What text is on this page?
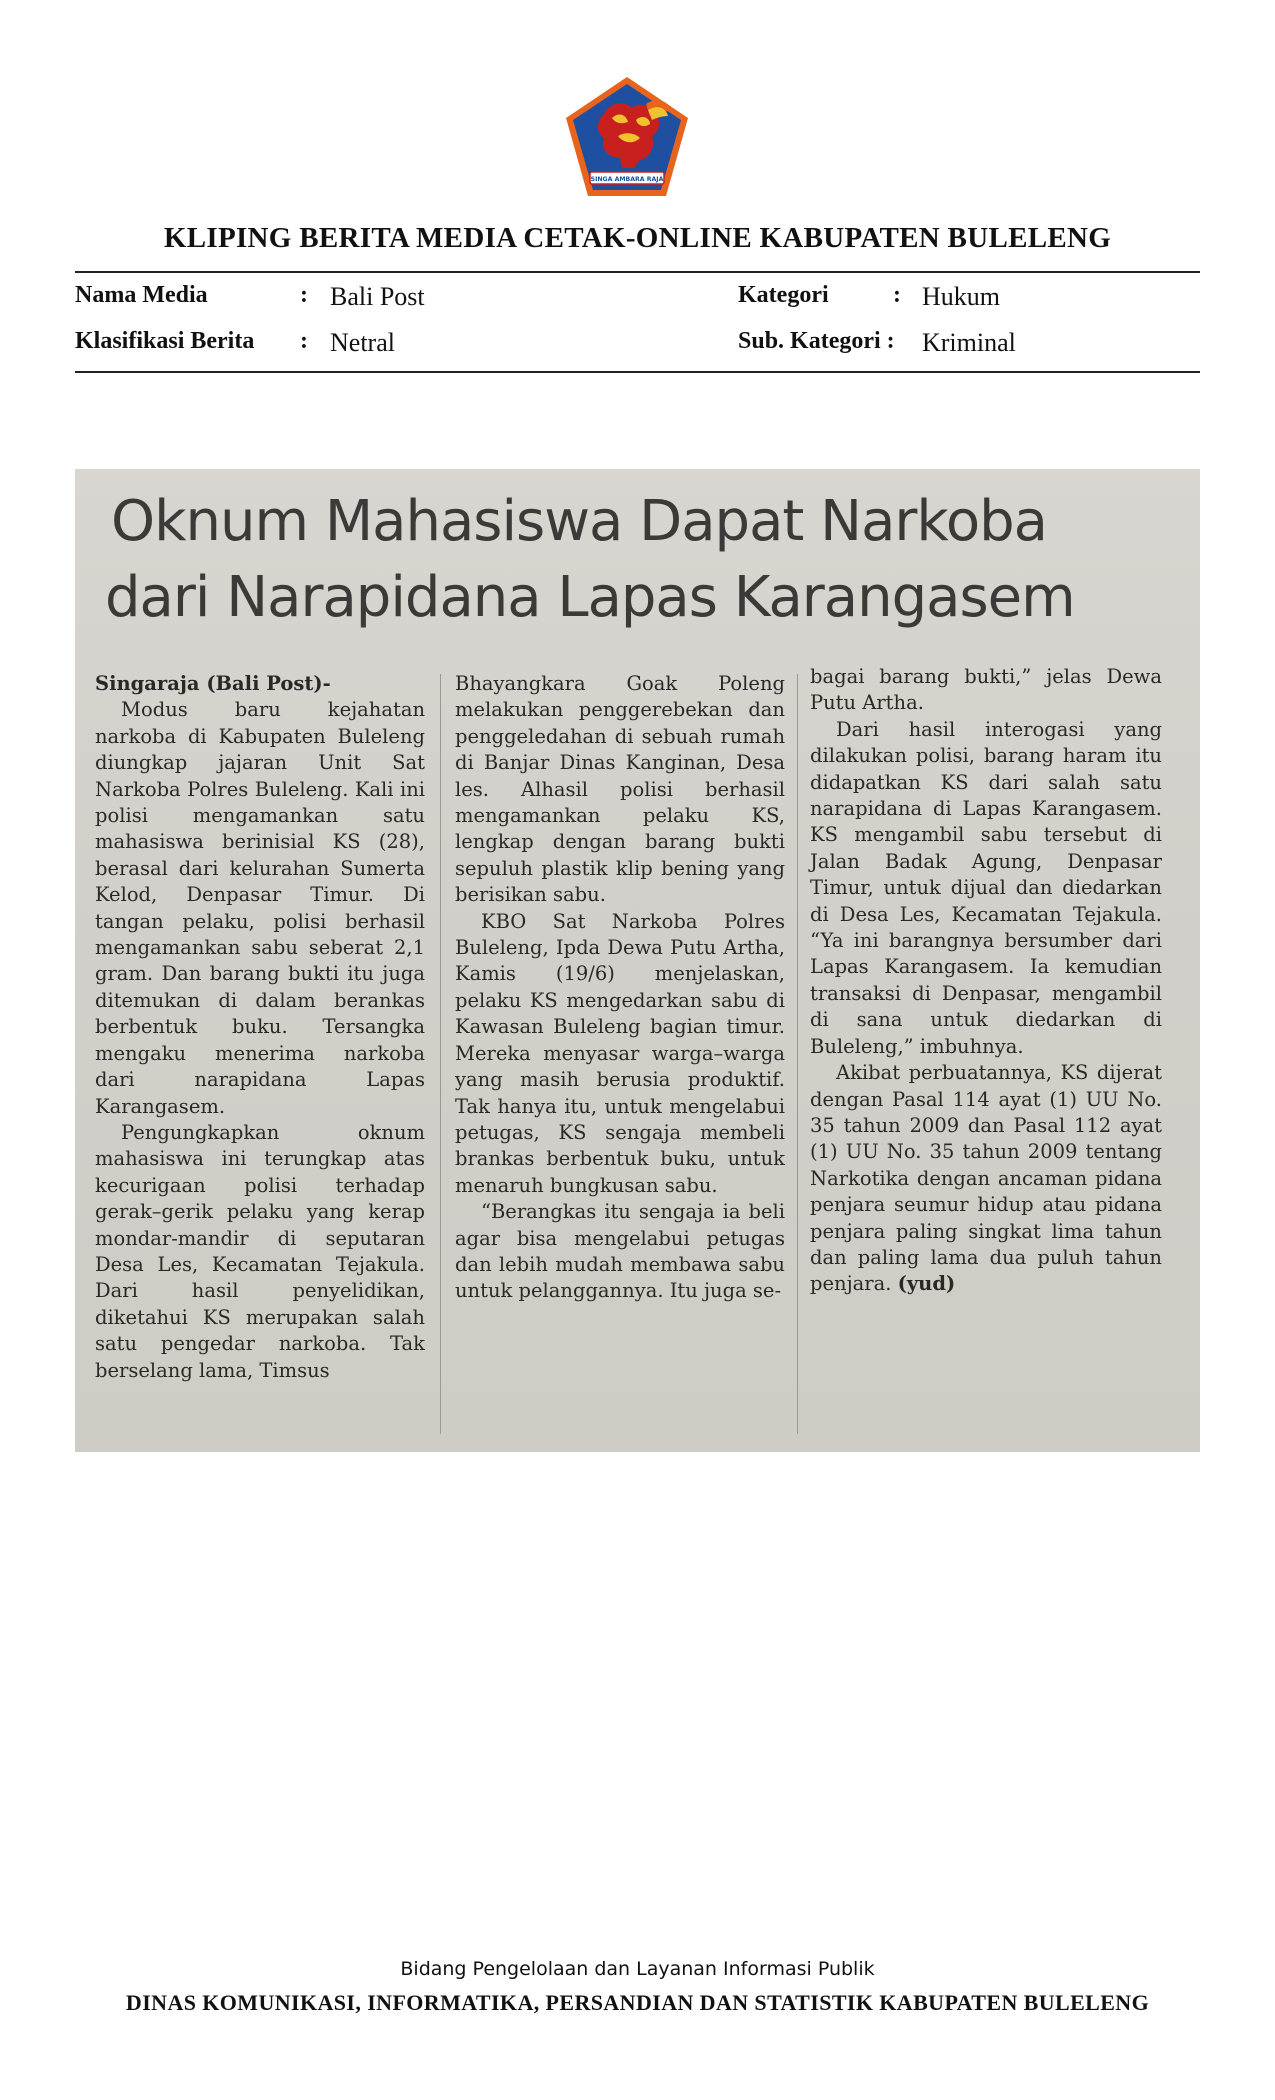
SINGA AMBARA RAJA
KLIPING BERITA MEDIA CETAK-ONLINE KABUPATEN BULELENG
Nama Media	: Bali Post	Kategori	: Hukum
Klasifikasi Berita : Netral	Sub. Kategori : Kriminal
Oknum Mahasiswa Dapat Narkoba
dari Narapidana Lapas Karangasem

Singaraja (Bali Post)-

Modus baru kejahatan narkoba di Kabupaten Buleleng diungkap jajaran Unit Sat Narkoba Polres Buleleng. Kali ini polisi mengamankan satu mahasiswa berinisial KS (28), berasal dari kelurahan Sumerta Kelod, Denpasar Timur. Di tangan pelaku, polisi berhasil mengamankan sabu seberat 2,1 gram. Dan barang bukti itu juga ditemukan di dalam berankas berbentuk buku. Tersangka mengaku menerima narkoba dari narapidana Lapas Karangasem.

Pengungkapkan oknum mahasiswa ini terungkap atas kecurigaan polisi terhadap gerak–gerik pelaku yang kerap mondar-mandir di seputaran Desa Les, Kecamatan Tejakula. Dari hasil penyelidikan, diketahui KS merupakan salah satu pengedar narkoba. Tak berselang lama, Timsus

Bhayangkara Goak Poleng melakukan penggerebekan dan penggeledahan di sebuah rumah di Banjar Dinas Kanginan, Desa les. Alhasil polisi berhasil mengamankan pelaku KS, lengkap dengan barang bukti sepuluh plastik klip bening yang berisikan sabu.

KBO Sat Narkoba Polres Buleleng, Ipda Dewa Putu Artha, Kamis (19/6) menjelaskan, pelaku KS mengedarkan sabu di Kawasan Buleleng bagian timur. Mereka menyasar warga–warga yang masih berusia produktif. Tak hanya itu, untuk mengelabui petugas, KS sengaja membeli brankas berbentuk buku, untuk menaruh bungkusan sabu.

“Berangkas itu sengaja ia beli agar bisa mengelabui petugas dan lebih mudah membawa sabu untuk pelanggannya. Itu juga se-

bagai barang bukti,” jelas Dewa Putu Artha.

Dari hasil interogasi yang dilakukan polisi, barang haram itu didapatkan KS dari salah satu narapidana di Lapas Karangasem. KS mengambil sabu tersebut di Jalan Badak Agung, Denpasar Timur, untuk dijual dan diedarkan di Desa Les, Kecamatan Tejakula. “Ya ini barangnya bersumber dari Lapas Karangasem. Ia kemudian transaksi di Denpasar, mengambil di sana untuk diedarkan di Buleleng,” imbuhnya.

Akibat perbuatannya, KS dijerat dengan Pasal 114 ayat (1) UU No. 35 tahun 2009 dan Pasal 112 ayat (1) UU No. 35 tahun 2009 tentang Narkotika dengan ancaman pidana penjara seumur hidup atau pidana penjara paling singkat lima tahun dan paling lama dua puluh tahun penjara. (yud)

Bidang Pengelolaan dan Layanan Informasi Publik
DINAS KOMUNIKASI, INFORMATIKA, PERSANDIAN DAN STATISTIK KABUPATEN BULELENG
